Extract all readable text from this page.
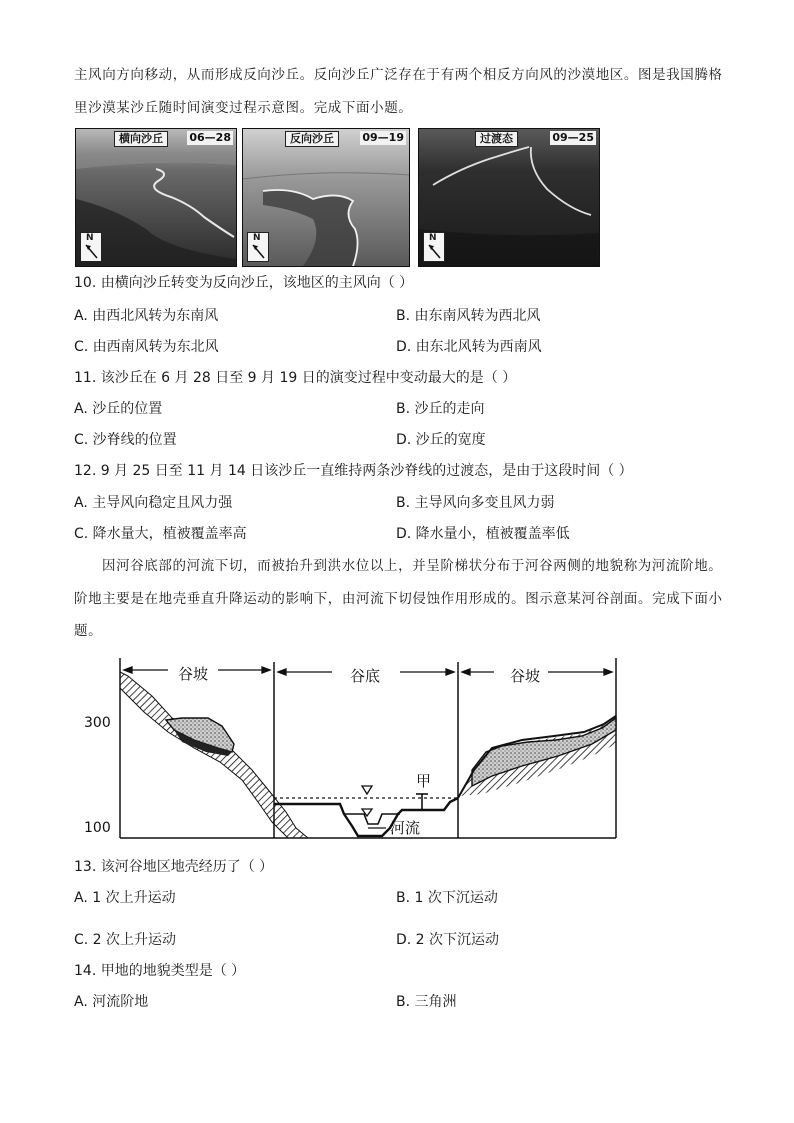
主风向方向移动，从而形成反向沙丘。反向沙丘广泛存在于有两个相反方向风的沙漠地区。图是我国腾格
里沙漠某沙丘随时间演变过程示意图。完成下面小题。
横向沙丘	06—28
N
反向沙丘	09—19
N
过渡态	09—25
N
10. 由横向沙丘转变为反向沙丘，该地区的主风向（ ）
A. 由西北风转为东南风	B. 由东南风转为西北风
C. 由西南风转为东北风	D. 由东北风转为西南风
11. 该沙丘在 6 月 28 日至 9 月 19 日的演变过程中变动最大的是（ ）
A. 沙丘的位置	B. 沙丘的走向
C. 沙脊线的位置	D. 沙丘的宽度
12. 9 月 25 日至 11 月 14 日该沙丘一直维持两条沙脊线的过渡态，是由于这段时间（ ）
A. 主导风向稳定且风力强	B. 主导风向多变且风力弱
C. 降水量大，植被覆盖率高	D. 降水量小，植被覆盖率低
因河谷底部的河流下切，而被抬升到洪水位以上，并呈阶梯状分布于河谷两侧的地貌称为河流阶地。
阶地主要是在地壳垂直升降运动的影响下，由河流下切侵蚀作用形成的。图示意某河谷剖面。完成下面小
题。
谷坡	谷底	谷坡
甲
河流
300
100
13. 该河谷地区地壳经历了（ ）
A. 1 次上升运动	B. 1 次下沉运动
C. 2 次上升运动	D. 2 次下沉运动
14. 甲地的地貌类型是（ ）
A. 河流阶地	B. 三角洲
